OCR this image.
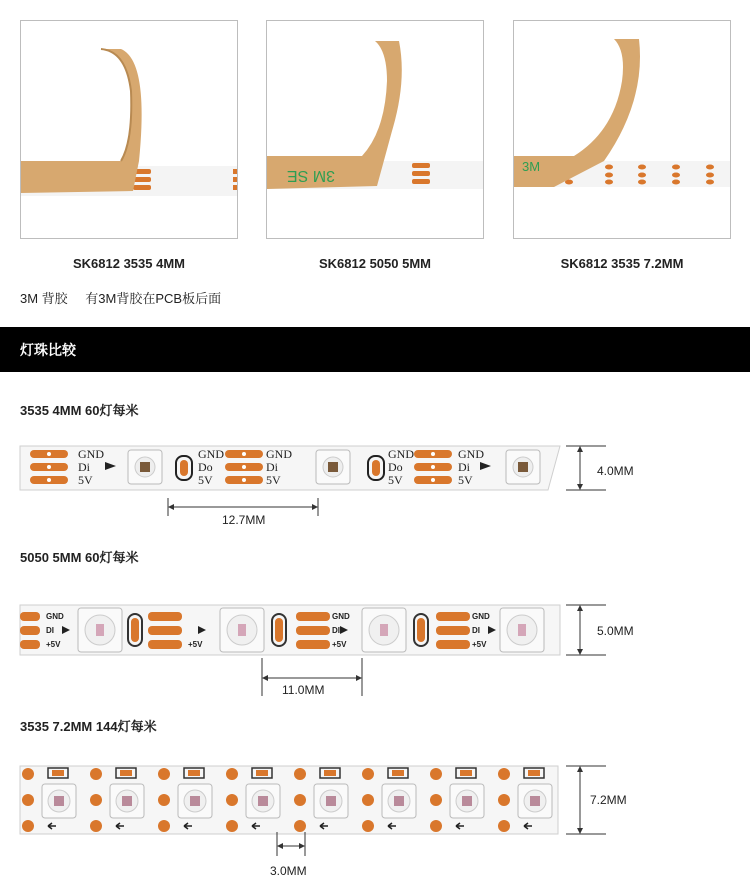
3M SE
3M
SK6812 3535 4MM	SK6812 5050 5MM	SK6812 3535 7.2MM
3M 背胶 有3M背胶在PCB板后面
灯珠比较
3535 4MM 60灯每米
GND
Di
5V
GND
Do
5V
GND
Di
5V
GND
Do
5V
GND
Di
5V
4.0MM
12.7MM
5050 5MM 60灯每米
GND
DI
+5V	+5V
GND
DI
+5V
GND
DI
+5V
5.0MM
11.0MM
3535 7.2MM 144灯每米
7.2MM
3.0MM
